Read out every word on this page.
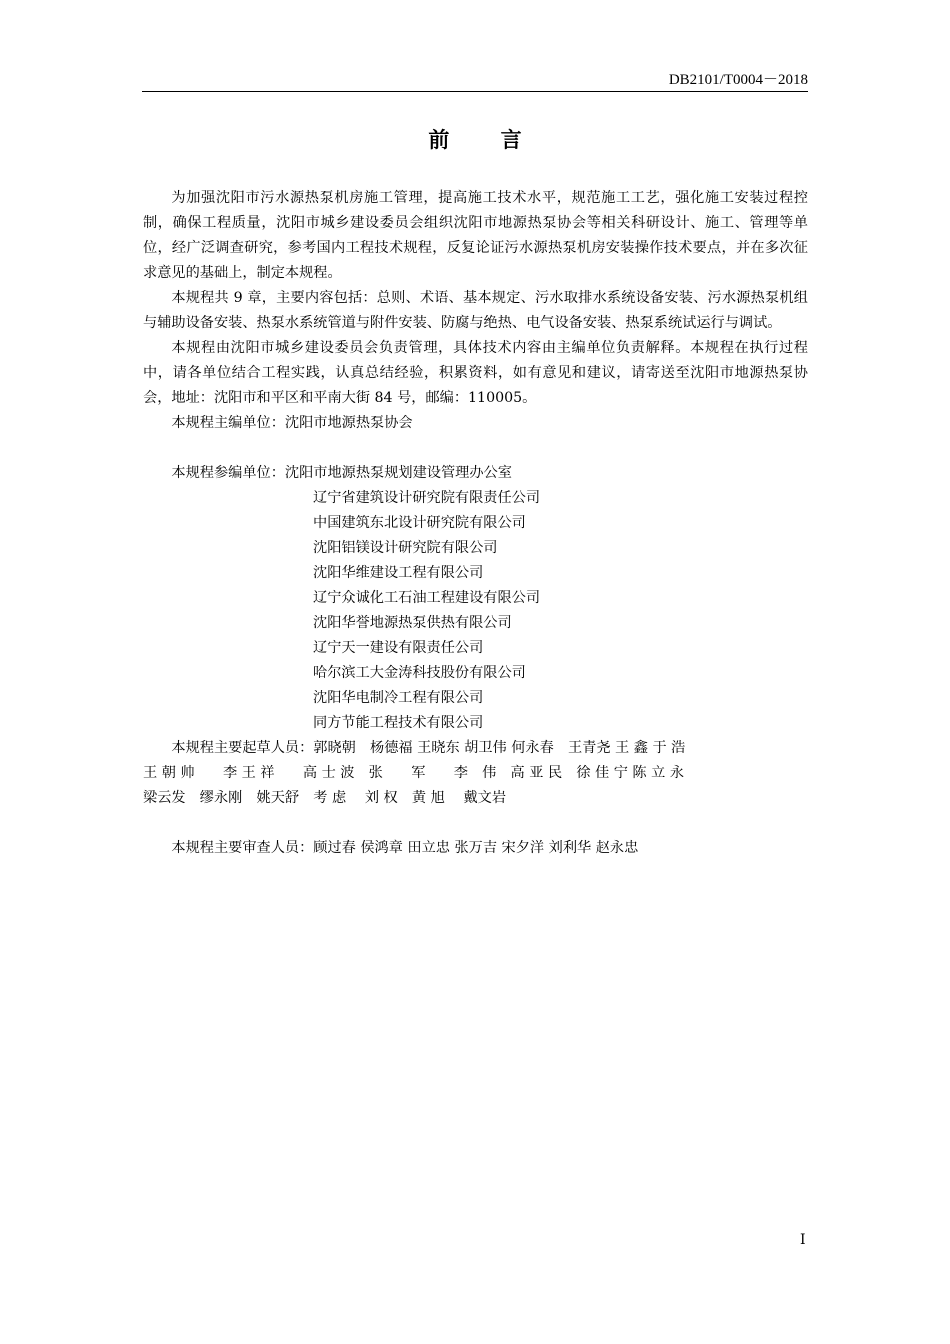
DB2101/T0004－2018
前 言

为加强沈阳市污水源热泵机房施工管理，提高施工技术水平，规范施工工艺，强化施工安装过程控制，确保工程质量，沈阳市城乡建设委员会组织沈阳市地源热泵协会等相关科研设计、施工、管理等单位，经广泛调查研究，参考国内工程技术规程，反复论证污水源热泵机房安装操作技术要点，并在多次征求意见的基础上，制定本规程。

本规程共 9 章，主要内容包括：总则、术语、基本规定、污水取排水系统设备安装、污水源热泵机组与辅助设备安装、热泵水系统管道与附件安装、防腐与绝热、电气设备安装、热泵系统试运行与调试。

本规程由沈阳市城乡建设委员会负责管理，具体技术内容由主编单位负责解释。本规程在执行过程中，请各单位结合工程实践，认真总结经验，积累资料，如有意见和建议，请寄送至沈阳市地源热泵协会，地址：沈阳市和平区和平南大街 84 号，邮编：110005。

本规程主编单位：沈阳市地源热泵协会

本规程参编单位：沈阳市地源热泵规划建设管理办公室

辽宁省建筑设计研究院有限责任公司

中国建筑东北设计研究院有限公司

沈阳铝镁设计研究院有限公司

沈阳华维建设工程有限公司

辽宁众诚化工石油工程建设有限公司

沈阳华誉地源热泵供热有限公司

辽宁天一建设有限责任公司

哈尔滨工大金涛科技股份有限公司

沈阳华电制冷工程有限公司

同方节能工程技术有限公司

本规程主要起草人员：郭晓朝　杨德福 王晓东 胡卫伟 何永春　王青尧 王 鑫 于 浩

王 朝 帅　　李 王 祥　　高 士 波　张　　军　　李　伟　高 亚 民　徐 佳 宁 陈 立 永

梁云发　缪永刚　姚天舒　考 虑　 刘 权　黄 旭　 戴文岩

本规程主要审查人员：顾过春 侯鸿章 田立忠 张万吉 宋夕洋 刘利华 赵永忠

I
